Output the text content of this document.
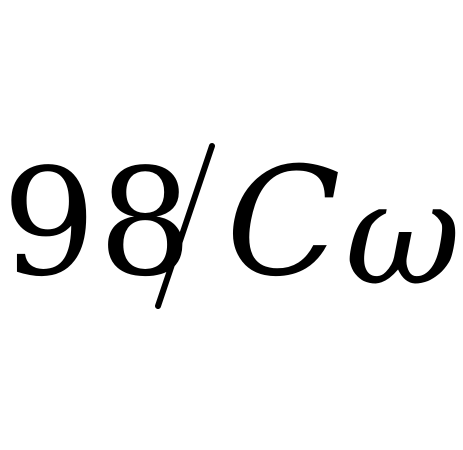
98 C ω
